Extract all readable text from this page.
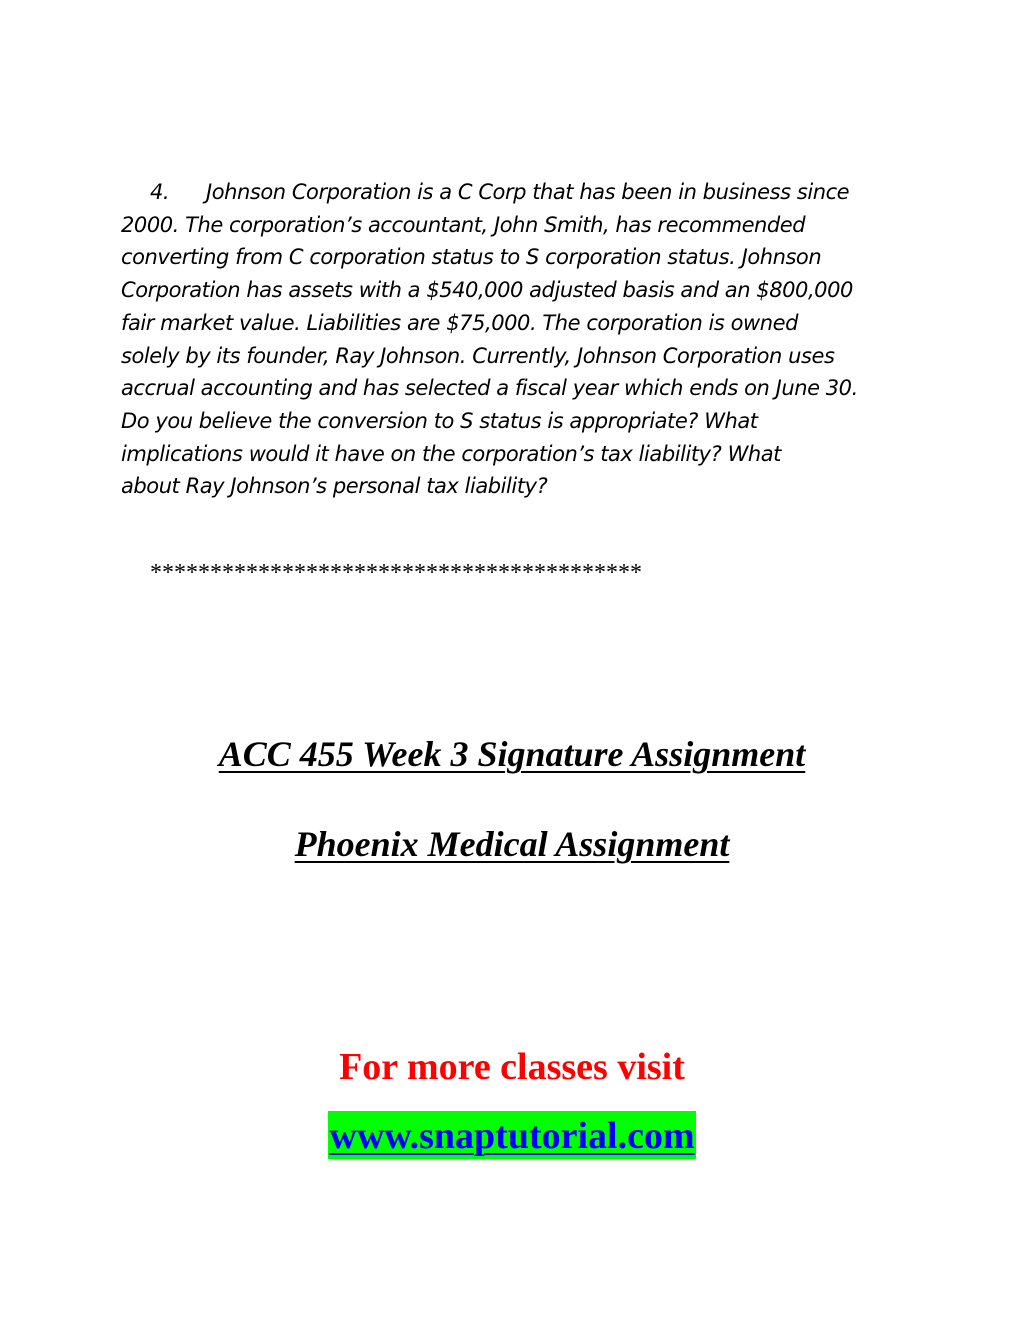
4. Johnson Corporation is a C Corp that has been in business since
2000. The corporation’s accountant, John Smith, has recommended
converting from C corporation status to S corporation status. Johnson
Corporation has assets with a $540,000 adjusted basis and an $800,000
fair market value. Liabilities are $75,000. The corporation is owned
solely by its founder, Ray Johnson. Currently, Johnson Corporation uses
accrual accounting and has selected a fiscal year which ends on June 30.
Do you believe the conversion to S status is appropriate? What
implications would it have on the corporation’s tax liability? What
about Ray Johnson’s personal tax liability?

*****************************************

ACC 455 Week 3 Signature Assignment
Phoenix Medical Assignment

For more classes visit

www.snaptutorial.com
